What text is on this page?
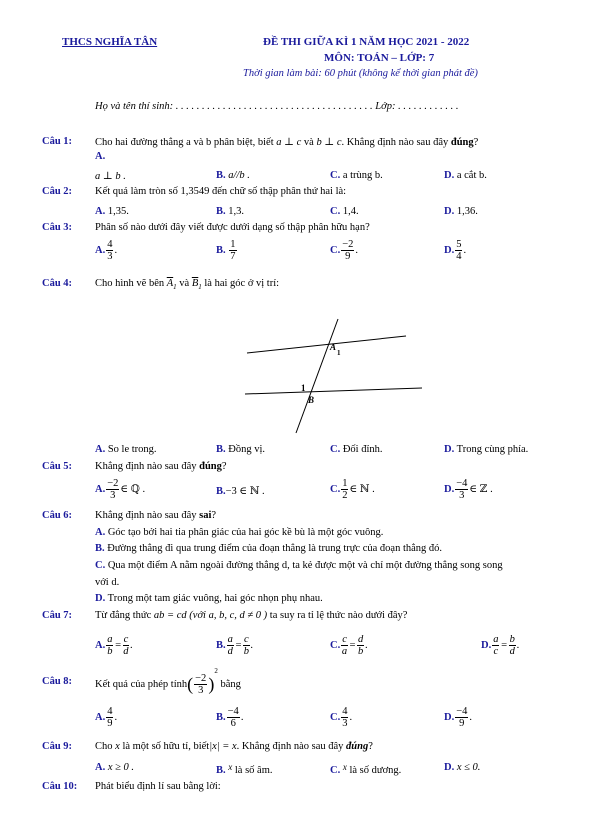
THCS NGHĨA TÂN	ĐỀ THI GIỮA KÌ 1 NĂM HỌC 2021 - 2022
MÔN: TOÁN – LỚP: 7
Thời gian làm bài: 60 phút (không kể thời gian phát đề)
Họ và tên thí sinh: . . . . . . . . . . . . . . . . . . . . . . . . . . . . . . . . . . . . . . Lớp: . . . . . . . . . . . .
Câu 1: Cho hai đường thẳng a và b phân biệt, biết a ⊥ c và b ⊥ c. Khẳng định nào sau đây đúng?
A.
a ⊥ b .	B. a//b .	C. a trùng b.	D. a cắt b.
Câu 2: Kết quả làm tròn số 1,3549 đến chữ số thập phân thứ hai là:
A. 1,35.	B. 1,3.	C. 1,4.	D. 1,36.
Câu 3: Phân số nào dưới đây viết được dưới dạng số thập phân hữu hạn?
A. $\frac{4}{3}$ .	B. $\frac{1}{7}$	C. $\frac{-2}{9}$ .	D. $\frac{5}{4}$ .
Câu 4: Cho hình vẽ bên $\overline{A}_1$ và $\overline{B}_1$ là hai góc ở vị trí:
A
1
1
B
A. So le trong.	B. Đồng vị.	C. Đối đỉnh.	D. Trong cùng phía.
Câu 5: Khẳng định nào sau đây đúng?
A. $\frac{-2}{3}$ ∈ ℚ .	B.−3 ∈ ℕ .	C. $\frac{1}{2}$ ∈ ℕ .	D. $\frac{-4}{3}$ ∈ ℤ .
Câu 6: Khẳng định nào sau đây sai?
A. Góc tạo bởi hai tia phân giác của hai góc kề bù là một góc vuông.
B. Đường thẳng đi qua trung điểm của đoạn thẳng là trung trực của đoạn thẳng đó.
C. Qua một điểm A nằm ngoài đường thẳng d, ta kẻ được một và chỉ một đường thẳng song song
với d.
D. Trong một tam giác vuông, hai góc nhọn phụ nhau.
Câu 7: Từ đẳng thức ab = cd (với a, b, c, d ≠ 0 ) ta suy ra tỉ lệ thức nào dưới đây?
A. $\frac{a}{b} = \frac{c}{d}$ .	B. $\frac{a}{d} = \frac{c}{b}$ .	C. $\frac{c}{a} = \frac{d}{b}$ .	D. $\frac{a}{c} = \frac{b}{d}$ .
Câu 8: Kết quả của phép tính( $\frac{-2}{3} )^2$ bằng
A. $\frac{4}{9}$ .	B. $\frac{-4}{6}$ .	C. $\frac{4}{3}$ .	D. $\frac{-4}{9}$ .
Câu 9: Cho x là một số hữu tỉ, biết|x| = x. Khẳng định nào sau đây đúng?
A. x ≥ 0 .	B. x là số âm.	C. x là số dương.	D. x ≤ 0.
Câu 10: Phát biểu định lí sau bằng lời:
